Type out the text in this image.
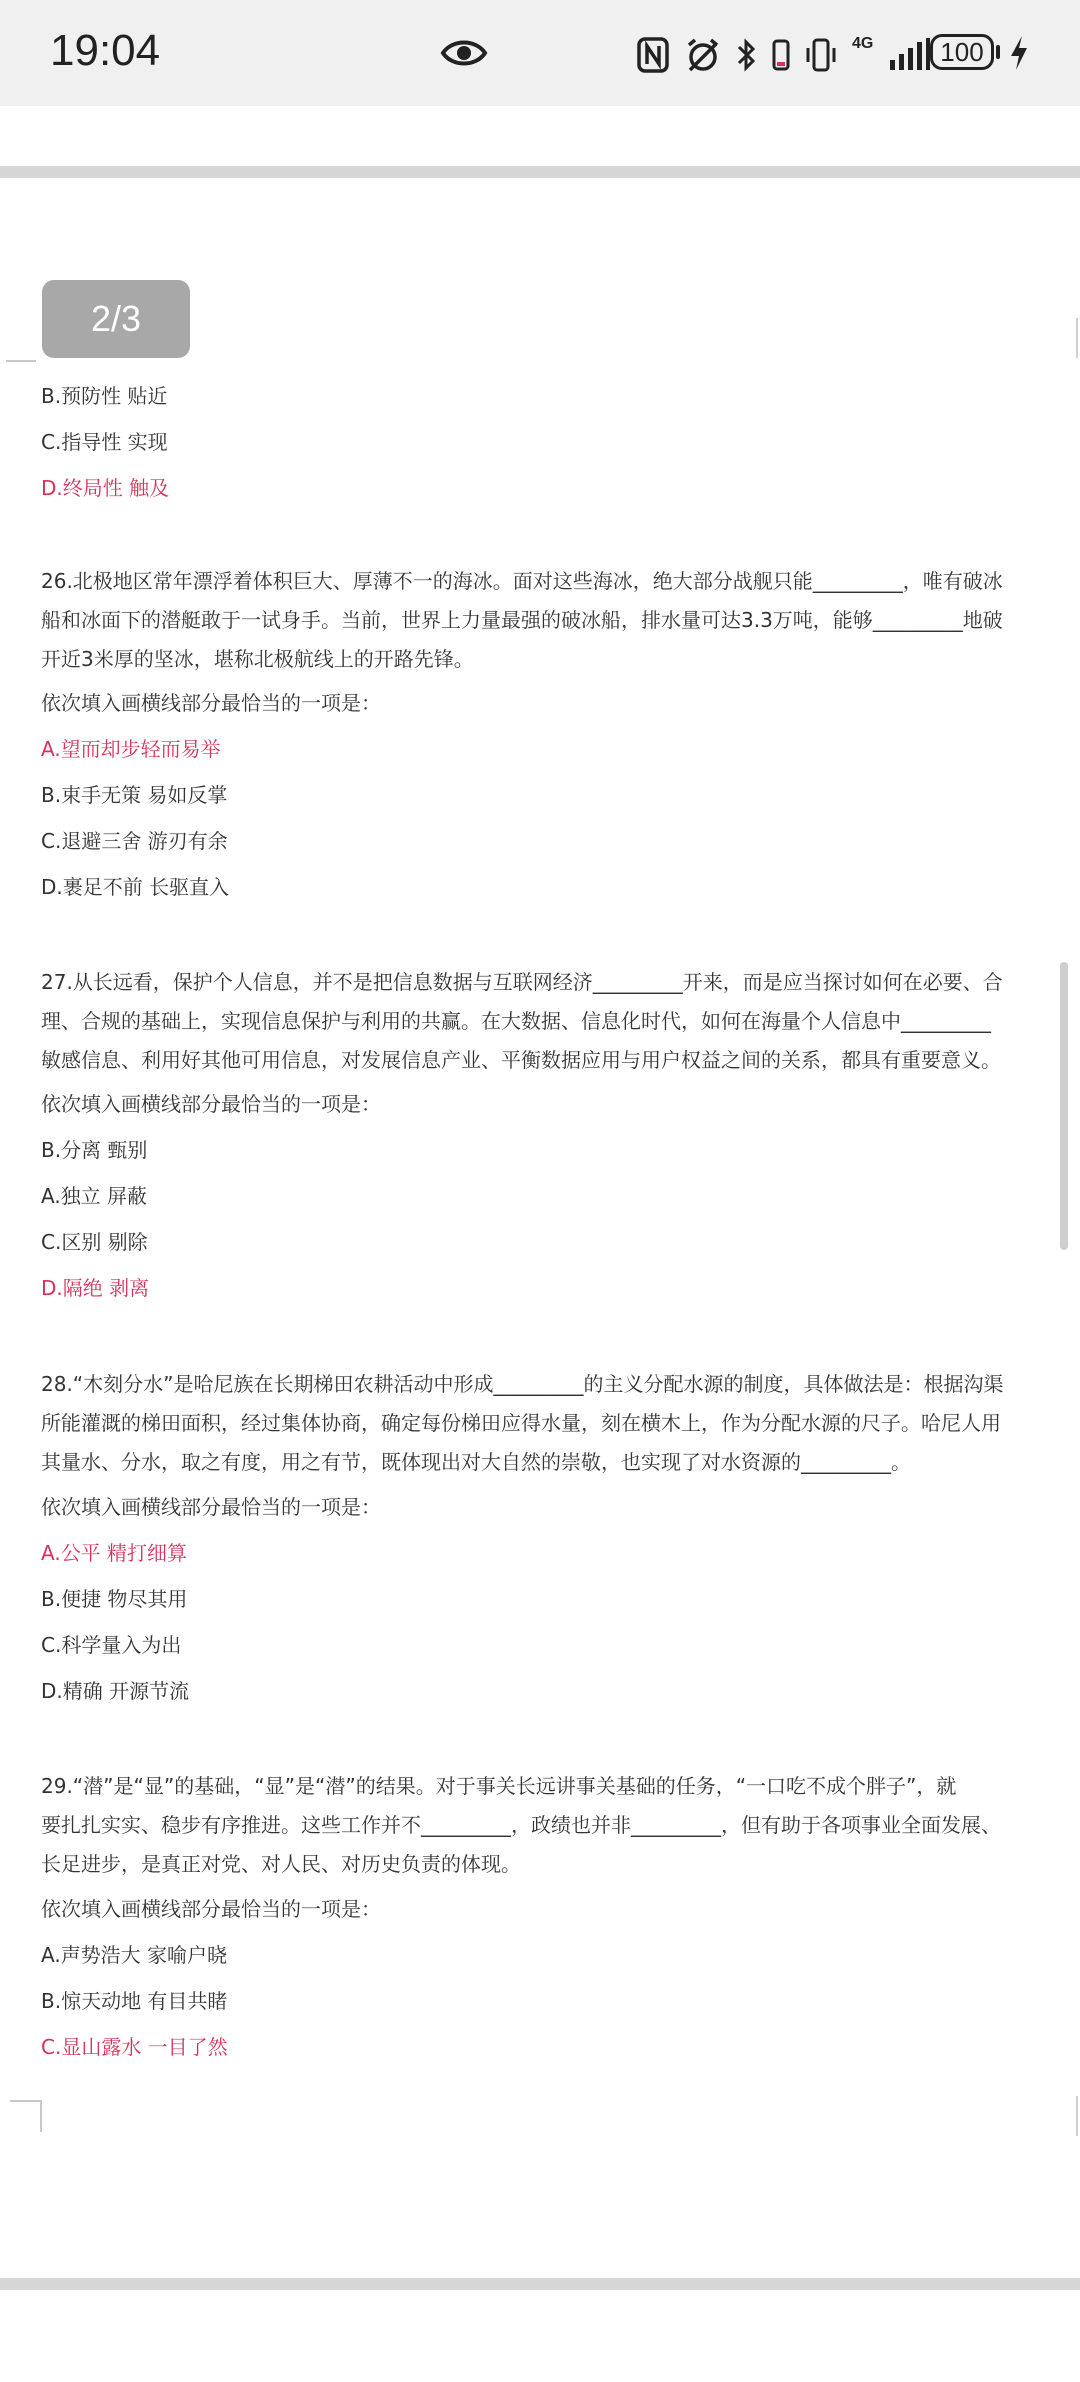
19:04	4G	100
2/3
B.预防性 贴近
C.指导性 实现
D.终局性 触及
26.北极地区常年漂浮着体积巨大、厚薄不一的海冰。面对这些海冰，绝大部分战舰只能_________，唯有破冰
船和冰面下的潜艇敢于一试身手。当前，世界上力量最强的破冰船，排水量可达3.3万吨，能够_________地破
开近3米厚的坚冰，堪称北极航线上的开路先锋。
依次填入画横线部分最恰当的一项是：
A.望而却步轻而易举
B.束手无策 易如反掌
C.退避三舍 游刃有余
D.裹足不前 长驱直入
27.从长远看，保护个人信息，并不是把信息数据与互联网经济_________开来，而是应当探讨如何在必要、合
理、合规的基础上，实现信息保护与利用的共赢。在大数据、信息化时代，如何在海量个人信息中_________
敏感信息、利用好其他可用信息，对发展信息产业、平衡数据应用与用户权益之间的关系，都具有重要意义。
依次填入画横线部分最恰当的一项是：
B.分离 甄别
A.独立 屏蔽
C.区别 剔除
D.隔绝 剥离
28.“木刻分水”是哈尼族在长期梯田农耕活动中形成_________的主义分配水源的制度，具体做法是：根据沟渠
所能灌溉的梯田面积，经过集体协商，确定每份梯田应得水量，刻在横木上，作为分配水源的尺子。哈尼人用
其量水、分水，取之有度，用之有节，既体现出对大自然的崇敬，也实现了对水资源的_________。
依次填入画横线部分最恰当的一项是：
A.公平 精打细算
B.便捷 物尽其用
C.科学量入为出
D.精确 开源节流
29.“潜”是“显”的基础，“显”是“潜”的结果。对于事关长远讲事关基础的任务，“一口吃不成个胖子”，就
要扎扎实实、稳步有序推进。这些工作并不_________，政绩也并非_________，但有助于各项事业全面发展、
长足进步，是真正对党、对人民、对历史负责的体现。
依次填入画横线部分最恰当的一项是：
A.声势浩大 家喻户晓
B.惊天动地 有目共睹
C.显山露水 一目了然
